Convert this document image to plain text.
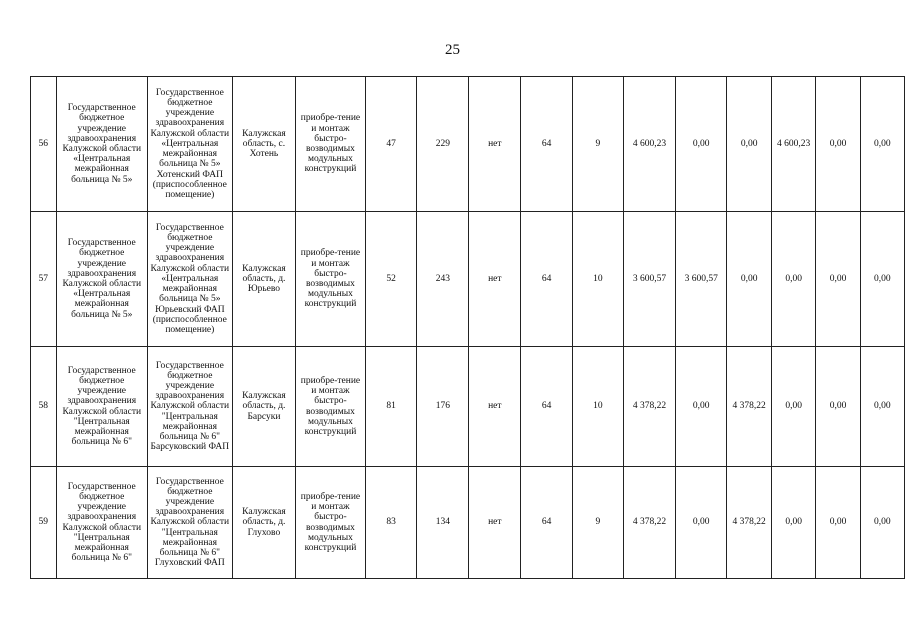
25
56	Государственное бюджетное учреждение здравоохранения Калужской области «Центральная межрайонная больница № 5»	Государственное бюджетное учреждение здравоохранения Калужской области «Центральная межрайонная больница № 5» Хотенский ФАП (приспособленное помещение)	Калужская область, с. Хотень	приобре-тение и монтаж быстро-возводимых модульных конструкций	47	229	нет	64	9	4 600,23	0,00	0,00	4 600,23	0,00	0,00
57	Государственное бюджетное учреждение здравоохранения Калужской области «Центральная межрайонная больница № 5»	Государственное бюджетное учреждение здравоохранения Калужской области «Центральная межрайонная больница № 5» Юрьевский ФАП (приспособленное помещение)	Калужская область, д. Юрьево	приобре-тение и монтаж быстро-возводимых модульных конструкций	52	243	нет	64	10	3 600,57	3 600,57	0,00	0,00	0,00	0,00
58	Государственное бюджетное учреждение здравоохранения Калужской области "Центральная межрайонная больница № 6"	Государственное бюджетное учреждение здравоохранения Калужской области "Центральная межрайонная больница № 6" Барсуковский ФАП	Калужская область, д. Барсуки	приобре-тение и монтаж быстро-возводимых модульных конструкций	81	176	нет	64	10	4 378,22	0,00	4 378,22	0,00	0,00	0,00
59	Государственное бюджетное учреждение здравоохранения Калужской области "Центральная межрайонная больница № 6"	Государственное бюджетное учреждение здравоохранения Калужской области "Центральная межрайонная больница № 6" Глуховский ФАП	Калужская область, д. Глухово	приобре-тение и монтаж быстро-возводимых модульных конструкций	83	134	нет	64	9	4 378,22	0,00	4 378,22	0,00	0,00	0,00
